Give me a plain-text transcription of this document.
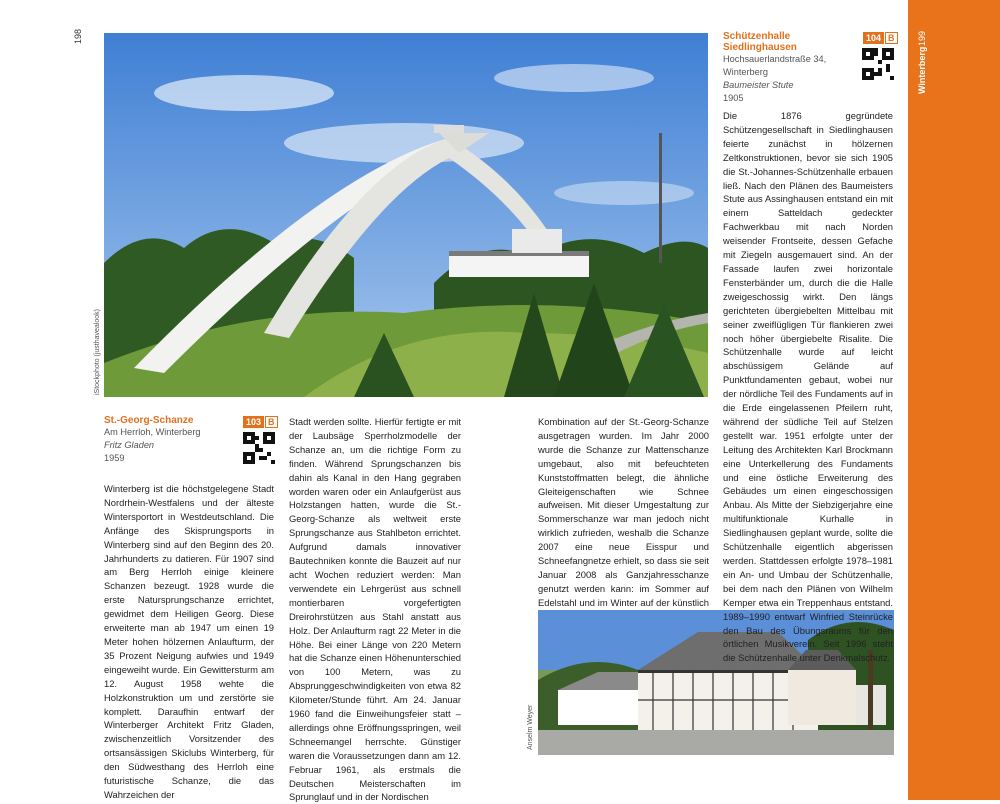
198
iStockphoto (justhavealook)
St.-Georg-Schanze
Am Herrloh, Winterberg
Fritz Gladen
1959
103 B
Winterberg ist die höchstgelegene Stadt Nordrhein-Westfalens und der älteste Wintersportort in Westdeutschland. Die Anfänge des Skisprungsports in Winterberg sind auf den Beginn des 20. Jahrhunderts zu datieren. Für 1907 sind am Berg Herrloh einige kleinere Schanzen bezeugt. 1928 wurde die erste Natursprungschanze errichtet, gewidmet dem Heiligen Georg. Diese erweiterte man ab 1947 um einen 19 Meter hohen hölzernen Anlaufturm, der 35 Prozent Neigung aufwies und 1949 eingeweiht wurde. Ein Gewittersturm am 12. August 1958 wehte die Holzkonstruktion um und zerstörte sie komplett. Daraufhin entwarf der Winterberger Architekt Fritz Gladen, zwischenzeitlich Vorsitzender des ortsansässigen Skiclubs Winterberg, für den Südwesthang des Herrloh eine futuristische Schanze, die das Wahrzeichen der
Stadt werden sollte. Hierfür fertigte er mit der Laubsäge Sperrholzmodelle der Schanze an, um die richtige Form zu finden. Während Sprungschanzen bis dahin als Kanal in den Hang gegraben worden waren oder ein Anlaufgerüst aus Holzstangen hatten, wurde die St.-Georg-Schanze als weltweit erste Sprungschanze aus Stahlbeton errichtet. Aufgrund damals innovativer Bautechniken konnte die Bauzeit auf nur acht Wochen reduziert werden: Man verwendete ein Lehrgerüst aus schnell montierbaren vorgefertigten Dreirohrstützen aus Stahl anstatt aus Holz. Der Anlaufturm ragt 22 Meter in die Höhe. Bei einer Länge von 220 Metern hat die Schanze einen Höhenunterschied von 100 Metern, was zu Absprunggeschwindigkeiten von etwa 82 Kilometer/Stunde führt. Am 24. Januar 1960 fand die Einweihungsfeier statt – allerdings ohne Eröffnungsspringen, weil Schneemangel herrschte. Günstiger waren die Voraussetzungen dann am 12. Februar 1961, als erstmals die Deutschen Meisterschaften im Sprunglauf und in der Nordischen
Kombination auf der St.-Georg-Schanze ausgetragen wurden. Im Jahr 2000 wurde die Schanze zur Mattenschanze umgebaut, also mit befeuchteten Kunststoffmatten belegt, die ähnliche Gleiteigenschaften wie Schnee aufweisen. Mit dieser Umgestaltung zur Sommerschanze war man jedoch nicht wirklich zufrieden, weshalb die Schanze 2007 eine neue Eisspur und Schneefangnetze erhielt, so dass sie seit Januar 2008 als Ganzjahresschanze genutzt werden kann: im Sommer auf Edelstahl und im Winter auf der künstlich
Anselm Weyer
Schützenhalle Siedlinghausen
Hochsauerlandstraße 34,
Winterberg
Baumeister Stute
1905
104 B
Die 1876 gegründete Schützengesellschaft in Siedlinghausen feierte zunächst in hölzernen Zeltkonstruktionen, bevor sie sich 1905 die St.-Johannes-Schützenhalle erbauen ließ. Nach den Plänen des Baumeisters Stute aus Assinghausen entstand ein mit einem Satteldach gedeckter Fachwerkbau mit nach Norden weisender Frontseite, dessen Gefache mit Ziegeln ausgemauert sind. An der Fassade laufen zwei horizontale Fensterbänder um, durch die die Halle zweigeschossig wirkt. Den längs gerichteten übergiebelten Mittelbau mit seiner zweiflügligen Tür flankieren zwei noch höher übergiebelte Risalite. Die Schützenhalle wurde auf leicht abschüssigem Gelände auf Punktfundamenten gebaut, wobei nur der nördliche Teil des Fundaments auf in die Erde eingelassenen Pfeilern ruht, während der südliche Teil auf Stelzen gestellt war. 1951 erfolgte unter der Leitung des Architekten Karl Brockmann eine Unterkellerung des Fundaments und eine östliche Erweiterung des Gebäudes um einen eingeschossigen Anbau. Als Mitte der Siebzigerjahre eine multifunktionale Kurhalle in Siedlinghausen geplant wurde, sollte die Schützenhalle eigentlich abgerissen werden. Stattdessen erfolgte 1978–1981 ein An- und Umbau der Schützenhalle, bei dem nach den Plänen von Wilhelm Kemper etwa ein Treppenhaus entstand. 1989–1990 entwarf Winfried Steinrücke den Bau des Übungsraums für den örtlichen Musikverein. Seit 1996 steht die Schützenhalle unter Denkmalschutz.
Winterberg
199
